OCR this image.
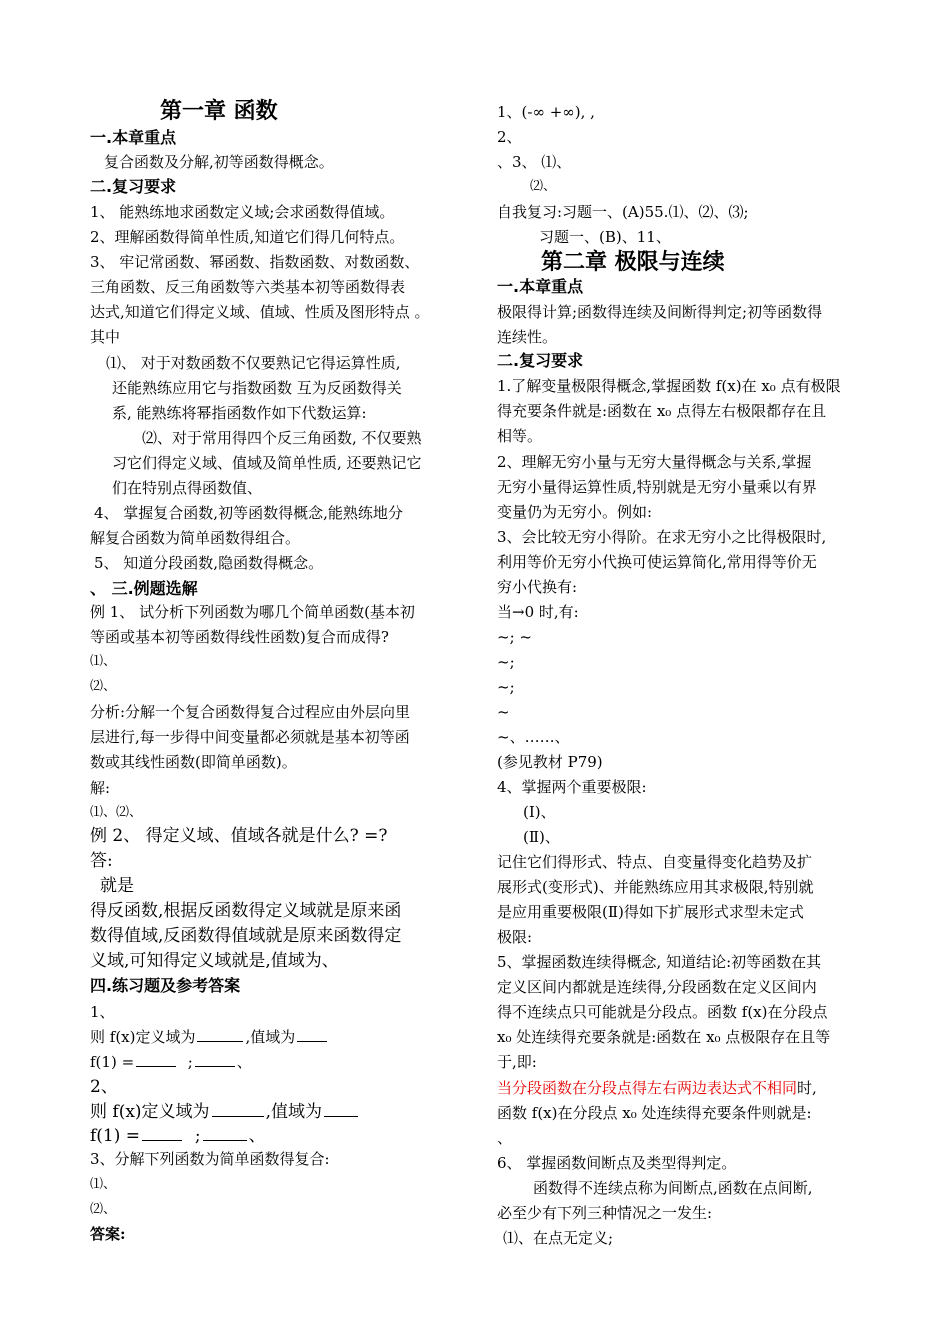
第一章 函数
一.本章重点
复合函数及分解,初等函数得概念。
二.复习要求
1、 能熟练地求函数定义域;会求函数得值域。
2、理解函数得简单性质,知道它们得几何特点。
3、 牢记常函数、幂函数、指数函数、对数函数、
三角函数、反三角函数等六类基本初等函数得表
达式,知道它们得定义域、值域、性质及图形特点 。
其中
⑴、 对于对数函数不仅要熟记它得运算性质,
还能熟练应用它与指数函数 互为反函数得关
系, 能熟练将幂指函数作如下代数运算:
⑵、对于常用得四个反三角函数, 不仅要熟
习它们得定义域、值域及简单性质, 还要熟记它
们在特别点得函数值、
4、 掌握复合函数,初等函数得概念,能熟练地分
解复合函数为简单函数得组合。
5、 知道分段函数,隐函数得概念。
、 三.例题选解
例 1、 试分析下列函数为哪几个简单函数(基本初
等函或基本初等函数得线性函数)复合而成得?
⑴、
⑵、
分析:分解一个复合函数得复合过程应由外层向里
层进行,每一步得中间变量都必须就是基本初等函
数或其线性函数(即简单函数)。
解:
⑴、⑵、
例 2、 得定义域、值域各就是什么? =?
答:
就是
得反函数,根据反函数得定义域就是原来函
数得值域,反函数得值域就是原来函数得定
义域,可知得定义域就是,值域为、
四.练习题及参考答案
1、
则 f(x)定义域为	,值域为
f(1) =	;	、
2、
则 f(x)定义域为	,值域为
f(1) =	;	、
3、分解下列函数为简单函数得复合:
⑴、
⑵、
答案:
1、(-∞ +∞), ,
2、
、3、 ⑴、
⑵、
自我复习:习题一、(A)55.⑴、⑵、⑶;
习题一、(B)、11、
第二章 极限与连续
一.本章重点
极限得计算;函数得连续及间断得判定;初等函数得
连续性。
二.复习要求
1.了解变量极限得概念,掌握函数 f(x)在 x₀ 点有极限
得充要条件就是:函数在 x₀ 点得左右极限都存在且
相等。
2、理解无穷小量与无穷大量得概念与关系,掌握
无穷小量得运算性质,特别就是无穷小量乘以有界
变量仍为无穷小。例如:
3、会比较无穷小得阶。在求无穷小之比得极限时,
利用等价无穷小代换可使运算简化,常用得等价无
穷小代换有:
当→0 时,有:
~; ~
~;
~;
~
~、……、
(参见教材 P79)
4、掌握两个重要极限:
(Ⅰ)、
(Ⅱ)、
记住它们得形式、特点、自变量得变化趋势及扩
展形式(变形式)、并能熟练应用其求极限,特别就
是应用重要极限(Ⅱ)得如下扩展形式求型未定式
极限:
5、掌握函数连续得概念, 知道结论:初等函数在其
定义区间内都就是连续得,分段函数在定义区间内
得不连续点只可能就是分段点。函数 f(x)在分段点
x₀ 处连续得充要条就是:函数在 x₀ 点极限存在且等
于,即:
当分段函数在分段点得左右两边表达式不相同时,
函数 f(x)在分段点 x₀ 处连续得充要条件则就是:
、
6、 掌握函数间断点及类型得判定。
函数得不连续点称为间断点,函数在点间断,
必至少有下列三种情况之一发生:
⑴、在点无定义;
